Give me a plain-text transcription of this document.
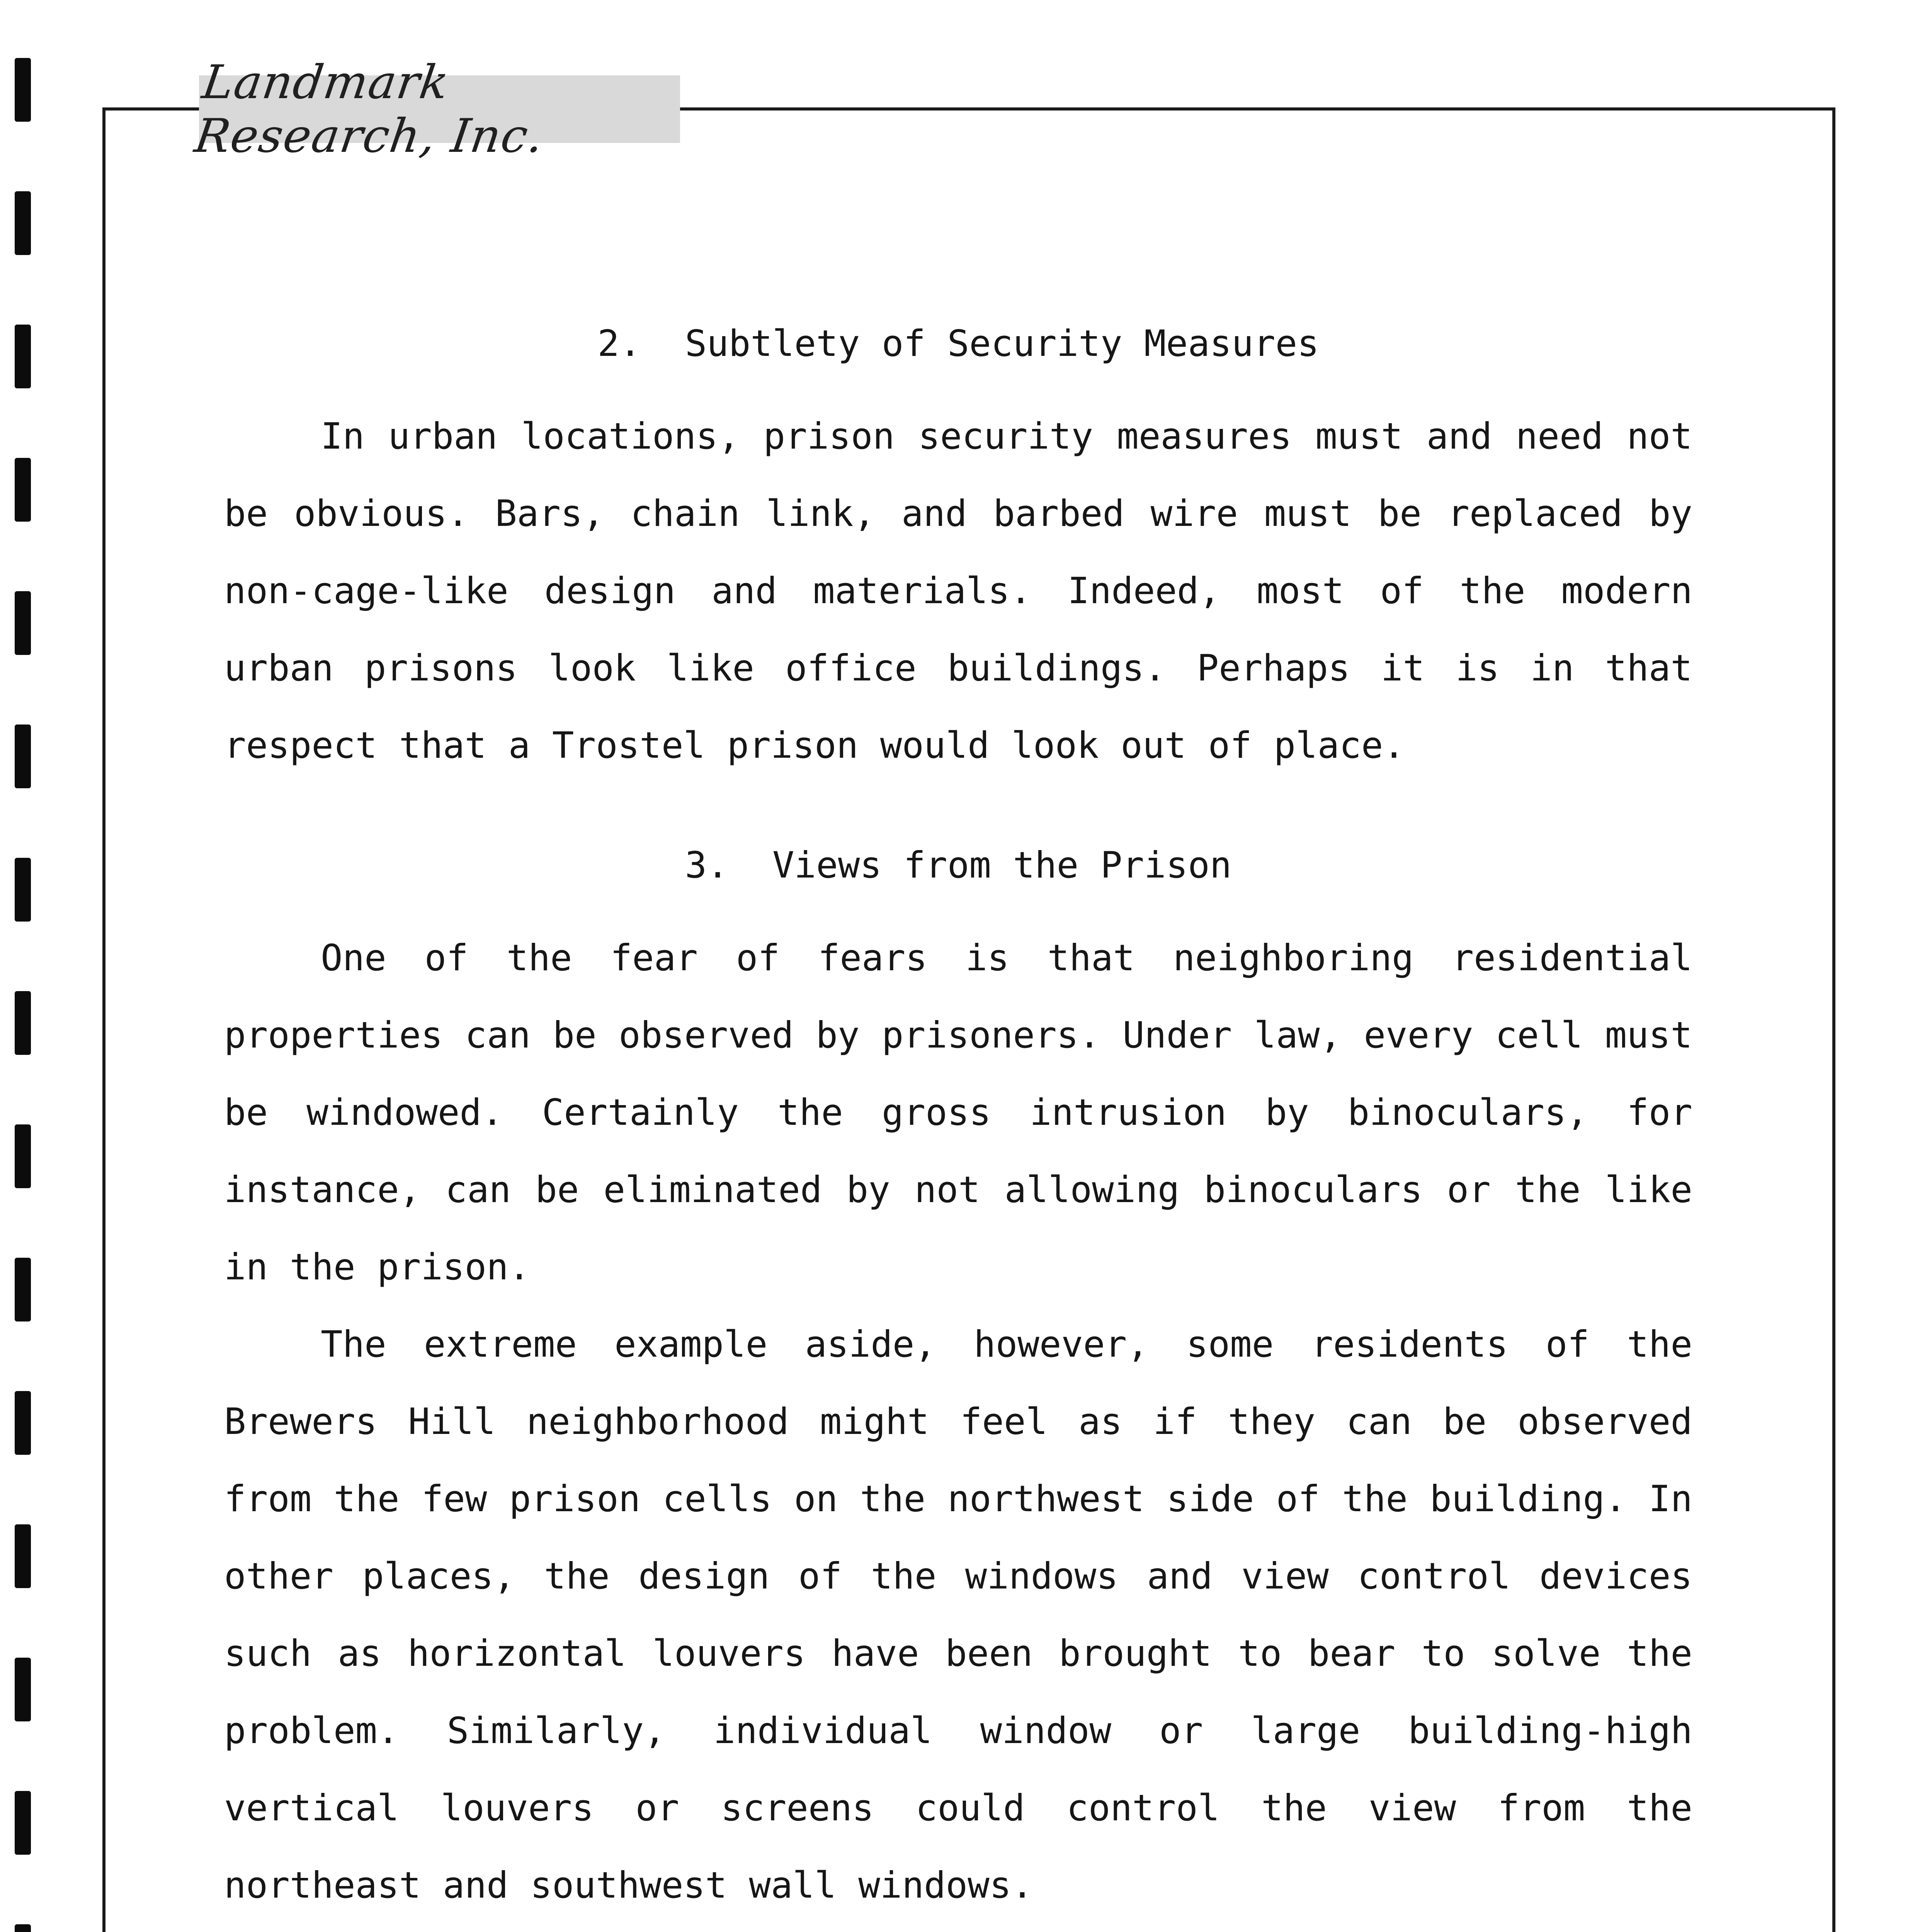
Landmark Research, Inc.
2.  Subtlety of Security Measures

In urban locations, prison security measures must and need not be obvious. Bars, chain link, and barbed wire must be replaced by non-cage-like design and materials. Indeed, most of the modern urban prisons look like office buildings. Perhaps it is in that respect that a Trostel prison would look out of place.

3.  Views from the Prison

One of the fear of fears is that neighboring residential properties can be observed by prisoners. Under law, every cell must be windowed. Certainly the gross intrusion by binoculars, for instance, can be eliminated by not allowing binoculars or the like in the prison.

The extreme example aside, however, some residents of the Brewers Hill neighborhood might feel as if they can be observed from the few prison cells on the northwest side of the building. In other places, the design of the windows and view control devices such as horizontal louvers have been brought to bear to solve the problem. Similarly, individual window or large building-high vertical louvers or screens could control the view from the northeast and southwest wall windows.
